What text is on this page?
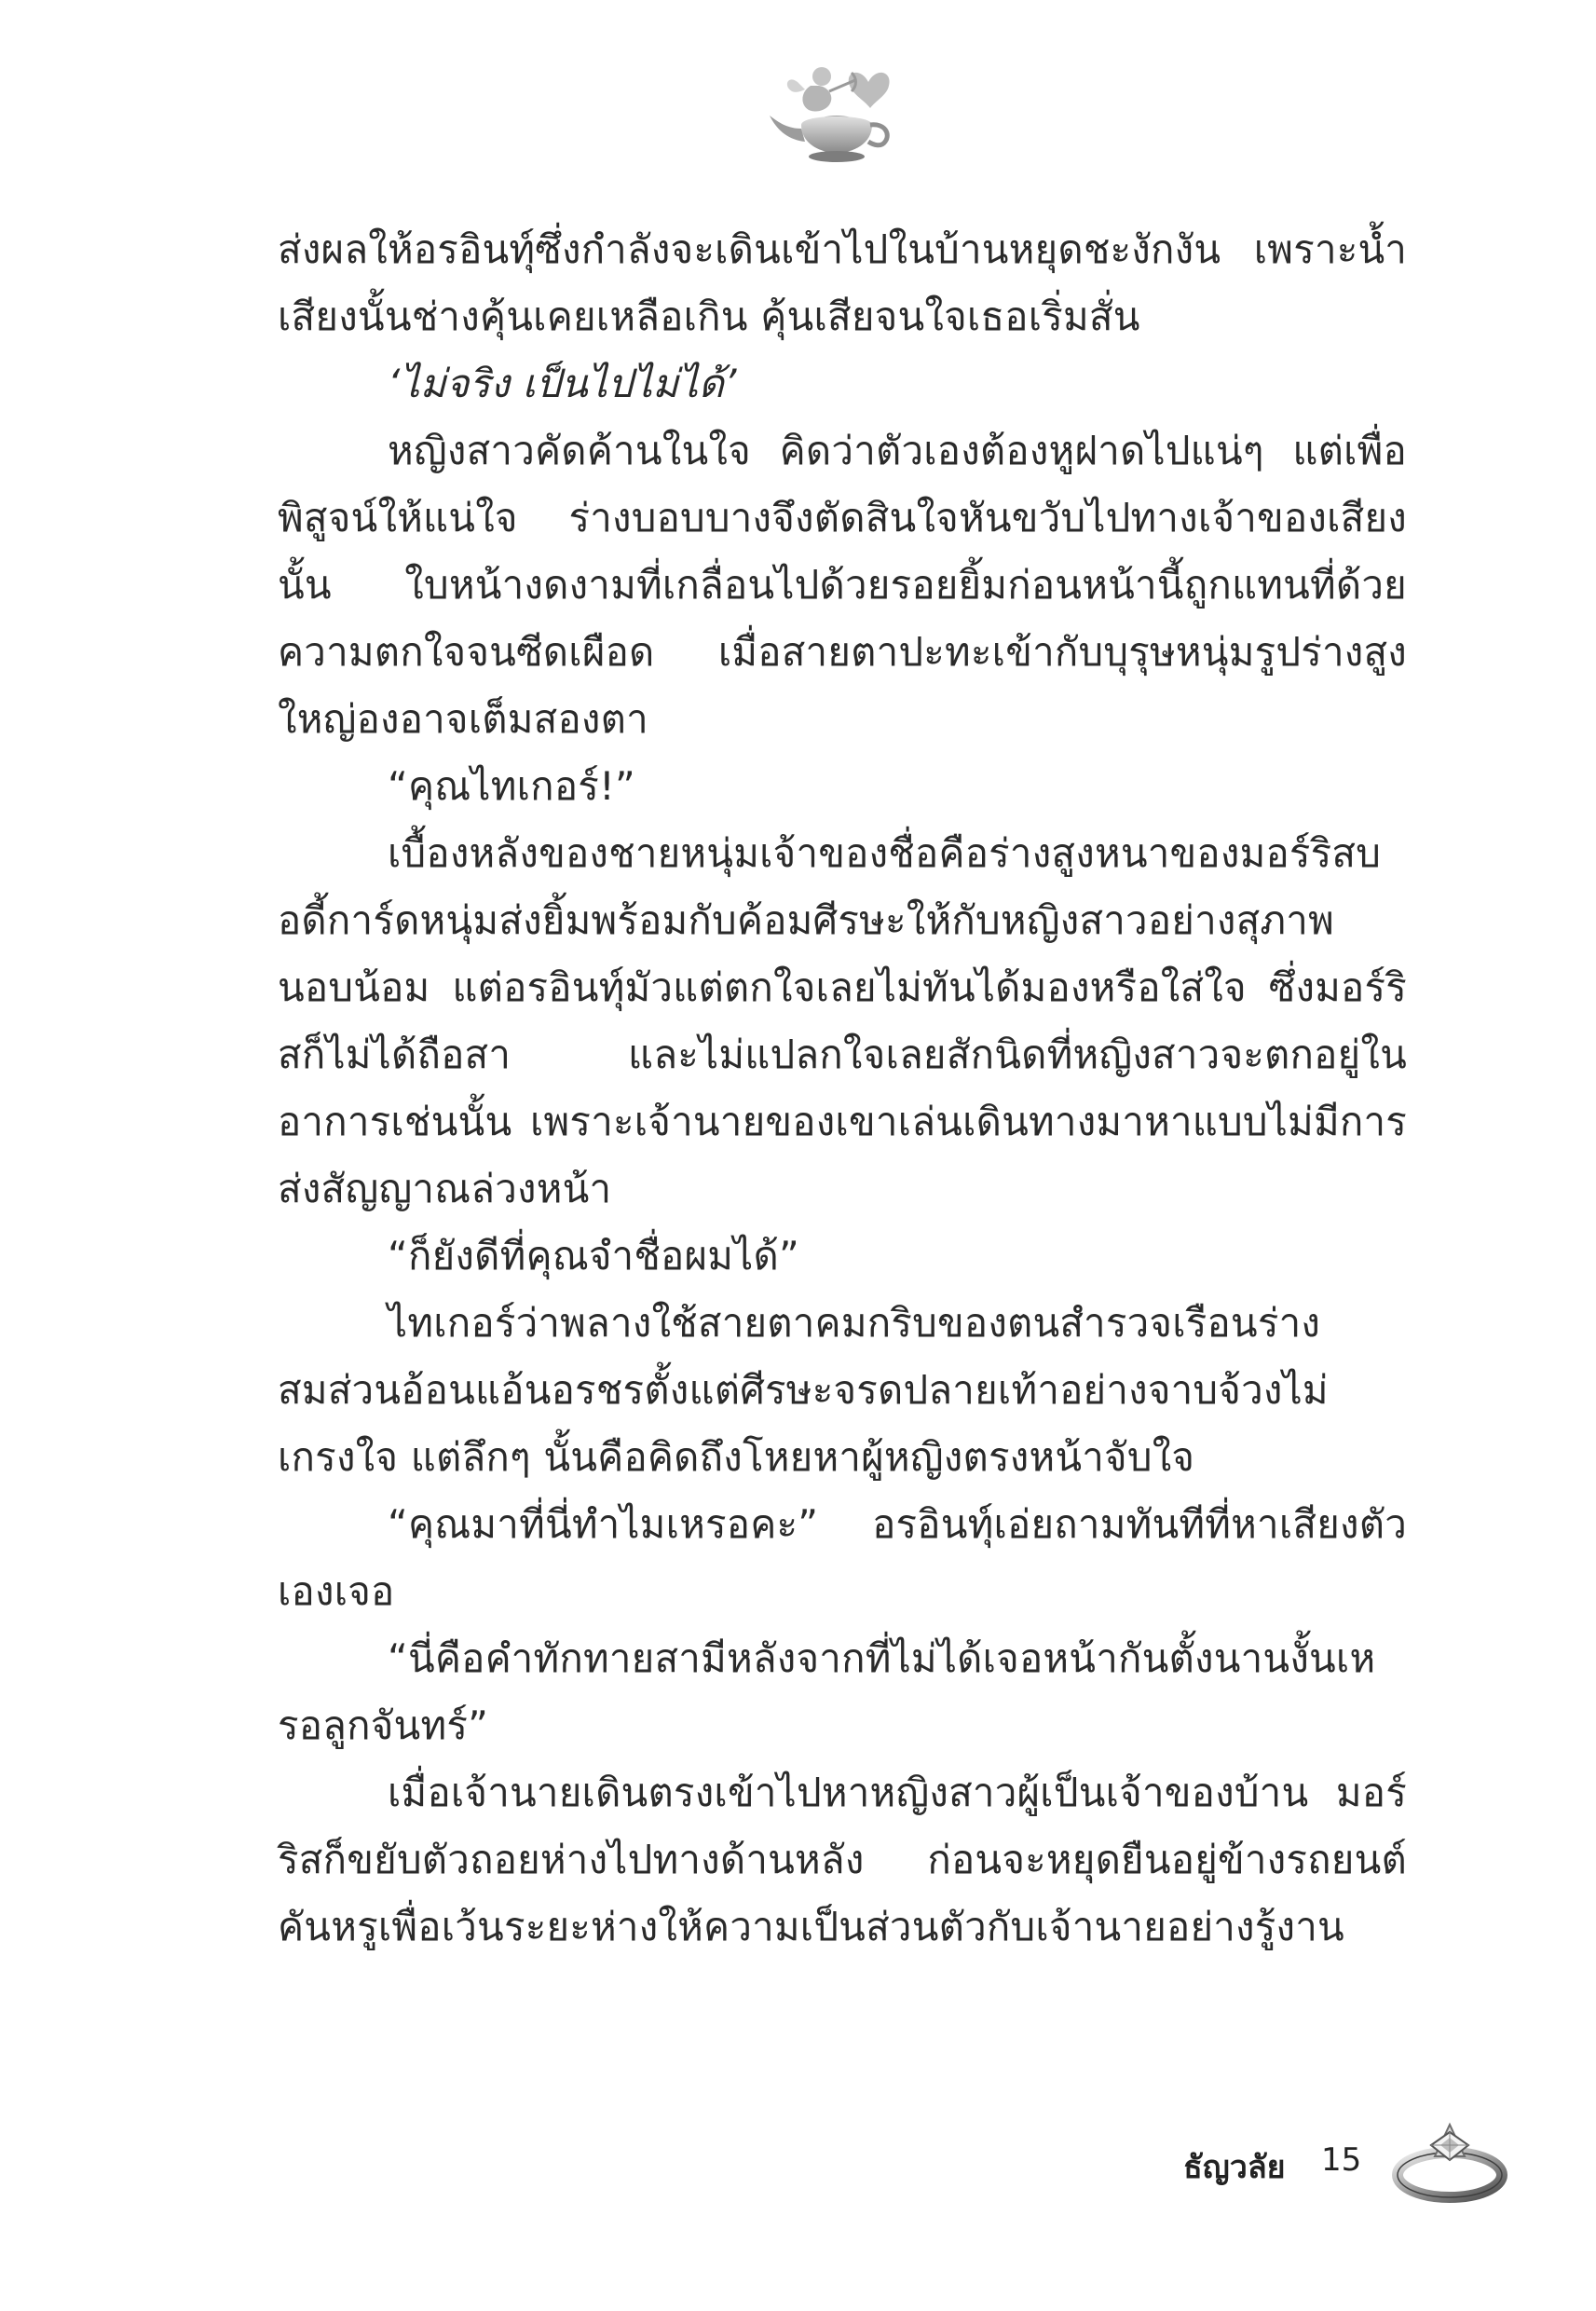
ส่งผลให้อรอินทุ์ซึ่งกำลังจะเดินเข้าไปในบ้านหยุดชะงักงัน เพราะน้ำเสียงนั้นช่างคุ้นเคยเหลือเกิน คุ้นเสียจนใจเธอเริ่มสั่น

‘ไม่จริง เป็นไปไม่ได้’

หญิงสาวคัดค้านในใจ คิดว่าตัวเองต้องหูฝาดไปแน่ๆ แต่เพื่อพิสูจน์ให้แน่ใจ ร่างบอบบางจึงตัดสินใจหันขวับไปทางเจ้าของเสียงนั้น ใบหน้างดงามที่เกลื่อนไปด้วยรอยยิ้มก่อนหน้านี้ถูกแทนที่ด้วยความตกใจจนซีดเผือด เมื่อสายตาปะทะเข้ากับบุรุษหนุ่มรูปร่างสูงใหญ่องอาจเต็มสองตา

“คุณไทเกอร์!”

เบื้องหลังของชายหนุ่มเจ้าของชื่อคือร่างสูงหนาของมอร์ริสบอดี้การ์ดหนุ่มส่งยิ้มพร้อมกับค้อมศีรษะให้กับหญิงสาวอย่างสุภาพนอบน้อม แต่อรอินทุ์มัวแต่ตกใจเลยไม่ทันได้มองหรือใส่ใจ ซึ่งมอร์ริสก็ไม่ได้ถือสา และไม่แปลกใจเลยสักนิดที่หญิงสาวจะตกอยู่ในอาการเช่นนั้น เพราะเจ้านายของเขาเล่นเดินทางมาหาแบบไม่มีการส่งสัญญาณล่วงหน้า

“ก็ยังดีที่คุณจำชื่อผมได้”

ไทเกอร์ว่าพลางใช้สายตาคมกริบของตนสำรวจเรือนร่างสมส่วนอ้อนแอ้นอรชรตั้งแต่ศีรษะจรดปลายเท้าอย่างจาบจ้วงไม่เกรงใจ แต่ลึกๆ นั้นคือคิดถึงโหยหาผู้หญิงตรงหน้าจับใจ

“คุณมาที่นี่ทำไมเหรอคะ” อรอินทุ์เอ่ยถามทันทีที่หาเสียงตัวเองเจอ

“นี่คือคำทักทายสามีหลังจากที่ไม่ได้เจอหน้ากันตั้งนานงั้นเหรอลูกจันทร์”

เมื่อเจ้านายเดินตรงเข้าไปหาหญิงสาวผู้เป็นเจ้าของบ้าน มอร์ริสก็ขยับตัวถอยห่างไปทางด้านหลัง ก่อนจะหยุดยืนอยู่ข้างรถยนต์คันหรูเพื่อเว้นระยะห่างให้ความเป็นส่วนตัวกับเจ้านายอย่างรู้งาน

ธัญวลัย 15
